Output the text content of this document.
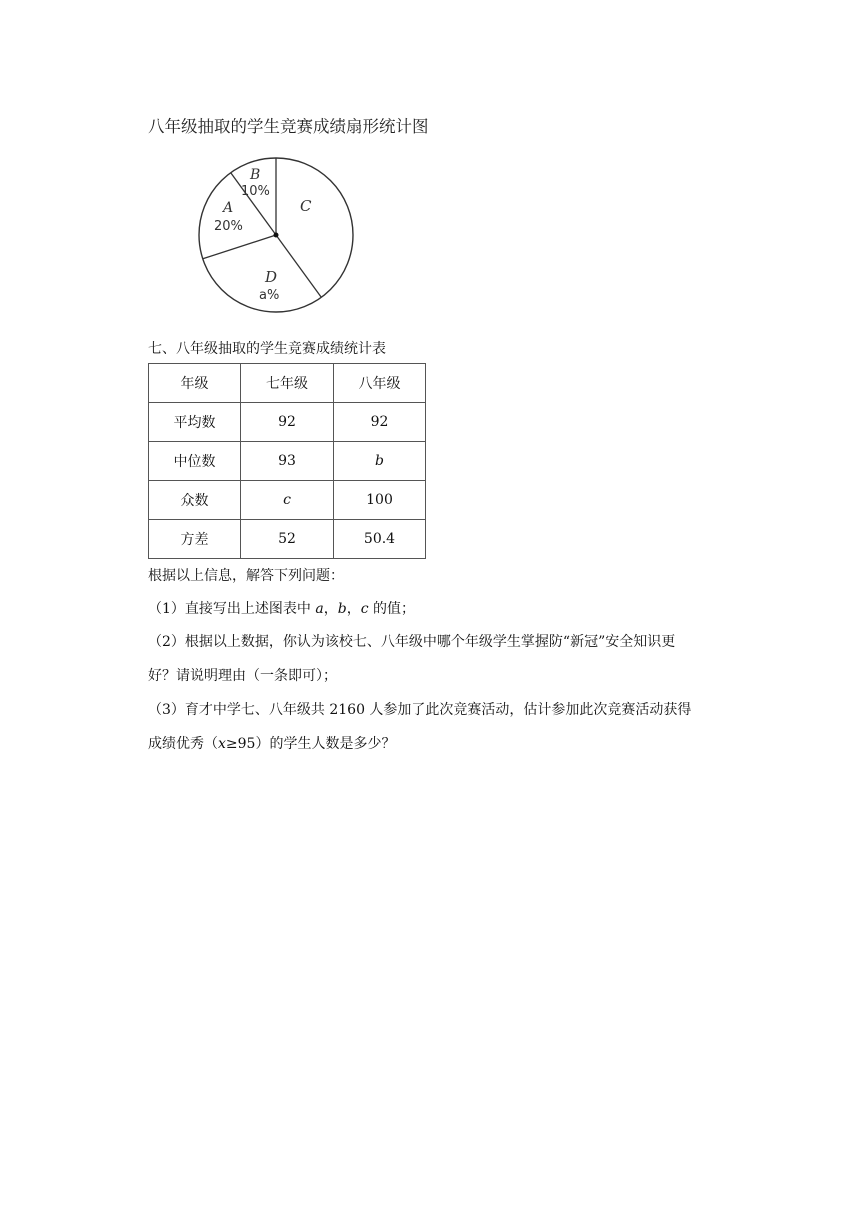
八年级抽取的学生竞赛成绩扇形统计图
A
20%
B
10%
C
D
a%
七、八年级抽取的学生竞赛成绩统计表
年级	七年级	八年级
平均数	92	92
中位数	93	b
众数	c	100
方差	52	50.4
根据以上信息，解答下列问题：
（1）直接写出上述图表中 a，b，c 的值；
（2）根据以上数据，你认为该校七、八年级中哪个年级学生掌握防“新冠”安全知识更
好？请说明理由（一条即可）；
（3）育才中学七、八年级共 2160 人参加了此次竞赛活动，估计参加此次竞赛活动获得
成绩优秀（x≥95）的学生人数是多少？
